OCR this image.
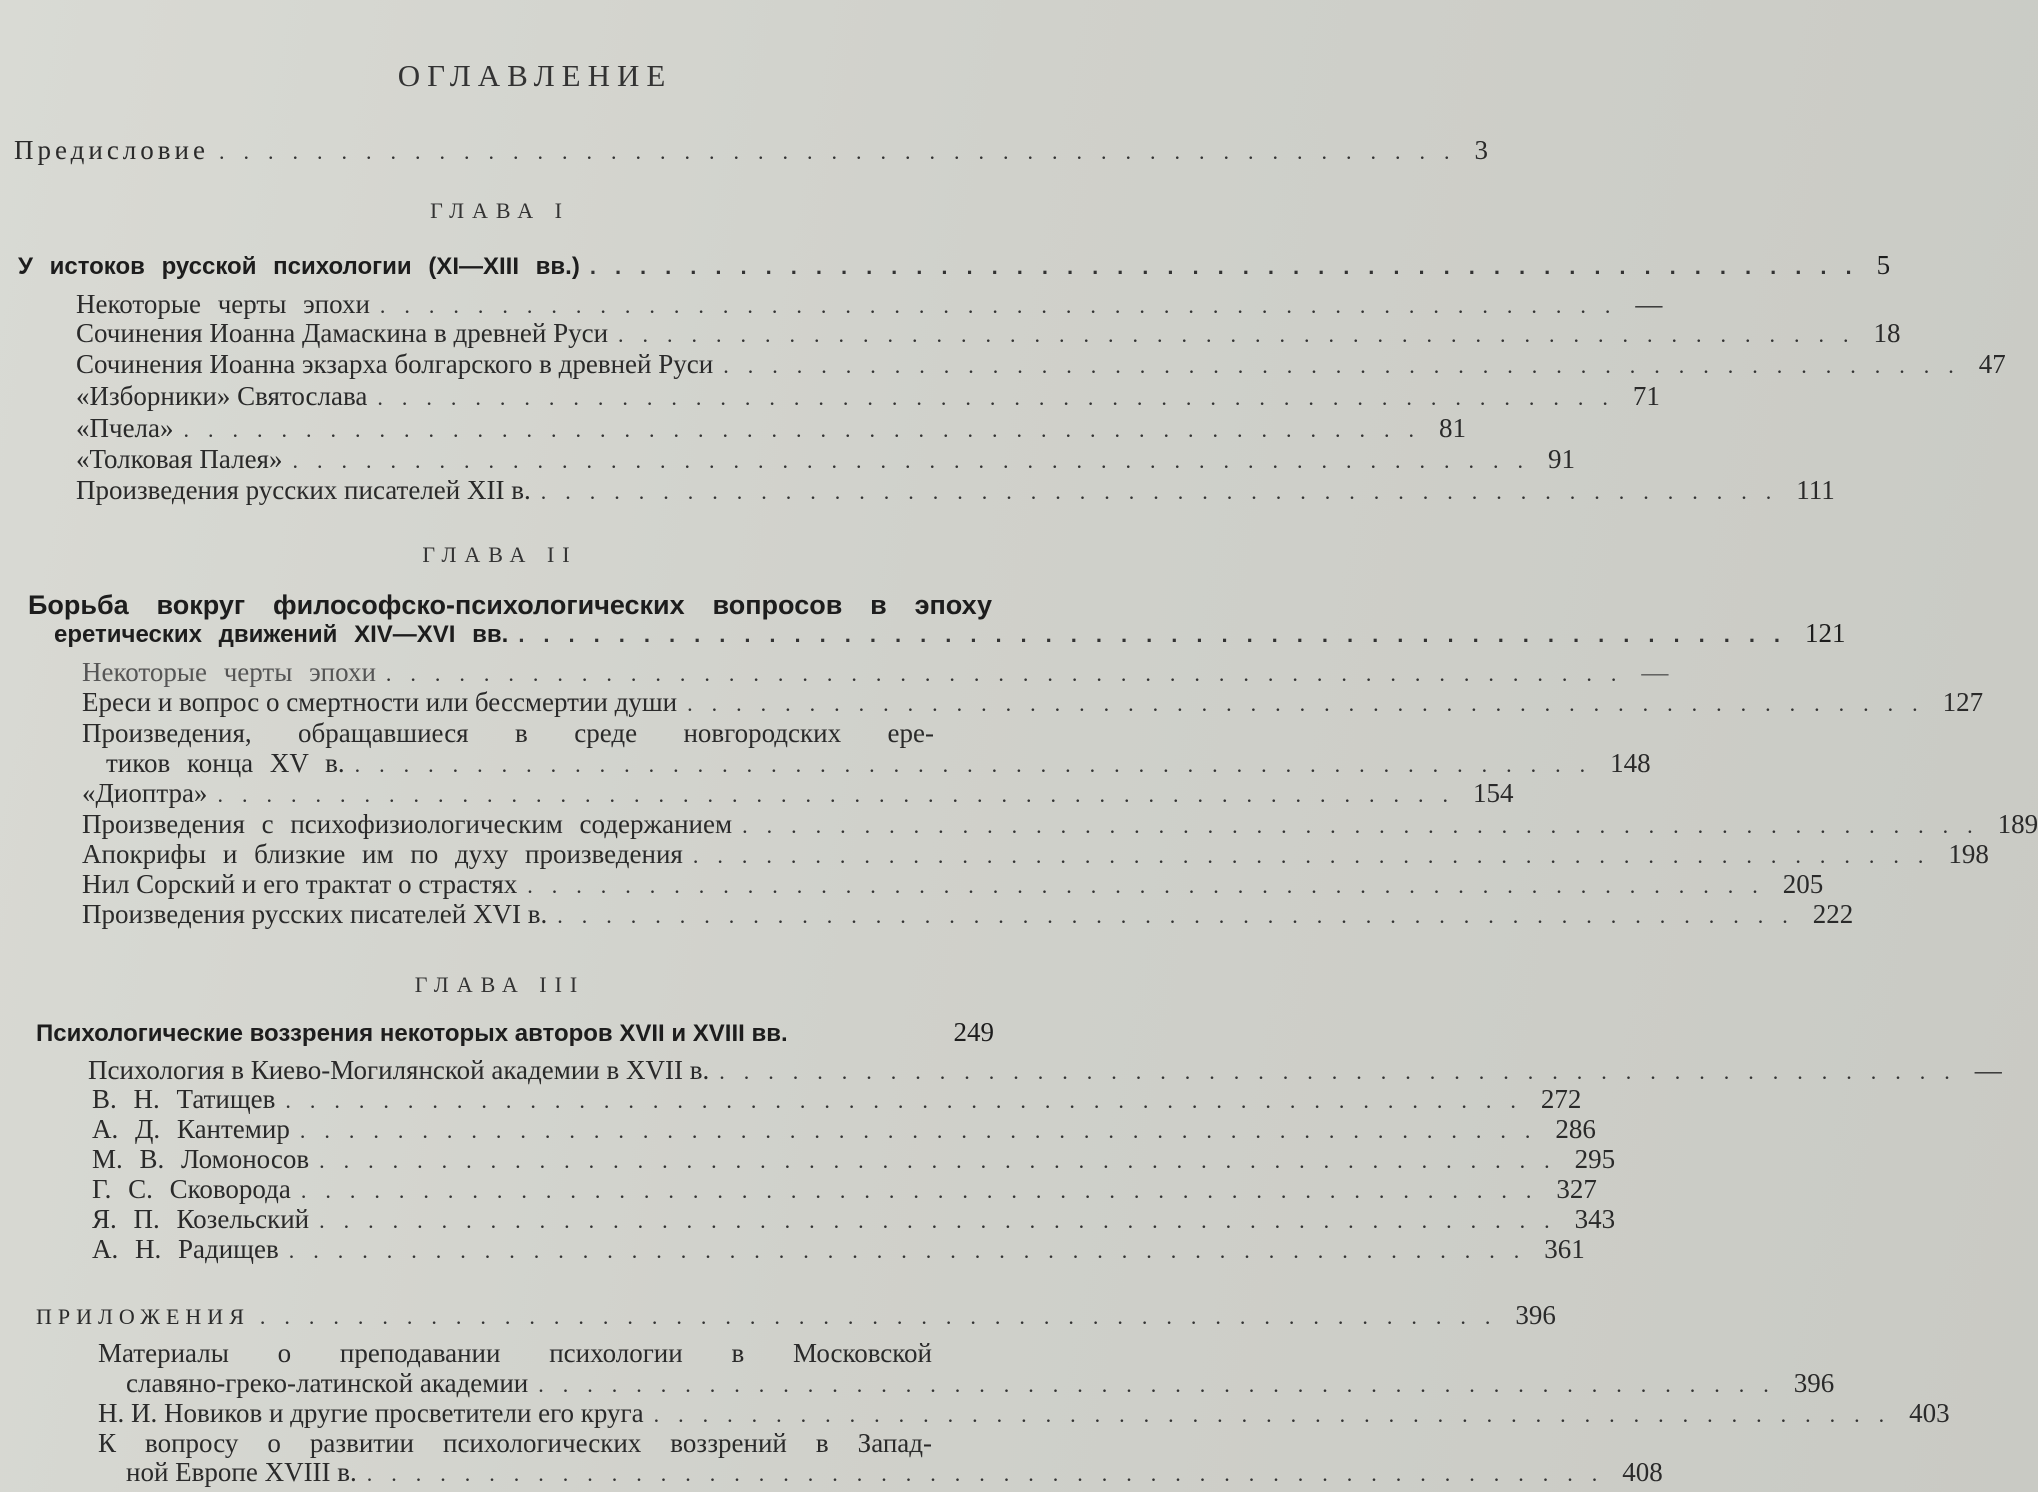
ОГЛАВЛЕНИЕ
Предисловие ................................................... 3
ГЛАВА I
У истоков русской психологии (XI—XIII вв.) ................................................... 5
Некоторые черты эпохи ................................................... —
Сочинения Иоанна Дамаскина в древней Руси ................................................... 18
Сочинения Иоанна экзарха болгарского в древней Руси ................................................... 47
«Изборники» Святослава ................................................... 71
«Пчела» ................................................... 81
«Толковая Палея» ................................................... 91
Произведения русских писателей XII в. ................................................... 111
ГЛАВА II
Борьба вокруг философско-психологических вопросов в эпоху
еретических движений XIV—XVI вв. ................................................... 121
Некоторые черты эпохи ................................................... —
Ереси и вопрос о смертности или бессмертии души ................................................... 127
Произведения, обращавшиеся в среде новгородских ере-
тиков конца XV в. ................................................... 148
«Диоптра» ................................................... 154
Произведения с психофизиологическим содержанием ................................................... 189
Апокрифы и близкие им по духу произведения ................................................... 198
Нил Сорский и его трактат о страстях ................................................... 205
Произведения русских писателей XVI в. ................................................... 222
ГЛАВА III
Психологические воззрения некоторых авторов XVII и XVIII вв.	249
Психология в Киево-Могилянской академии в XVII в. ................................................... —
В. Н. Татищев ................................................... 272
А. Д. Кантемир ................................................... 286
М. В. Ломоносов ................................................... 295
Г. С. Сковорода ................................................... 327
Я. П. Козельский ................................................... 343
А. Н. Радищев ................................................... 361
ПРИЛОЖЕНИЯ ................................................... 396
Материалы о преподавании психологии в Московской
славяно-греко-латинской академии ................................................... 396
Н. И. Новиков и другие просветители его круга ................................................... 403
К вопросу о развитии психологических воззрений в Запад-
ной Европе XVIII в. ................................................... 408
